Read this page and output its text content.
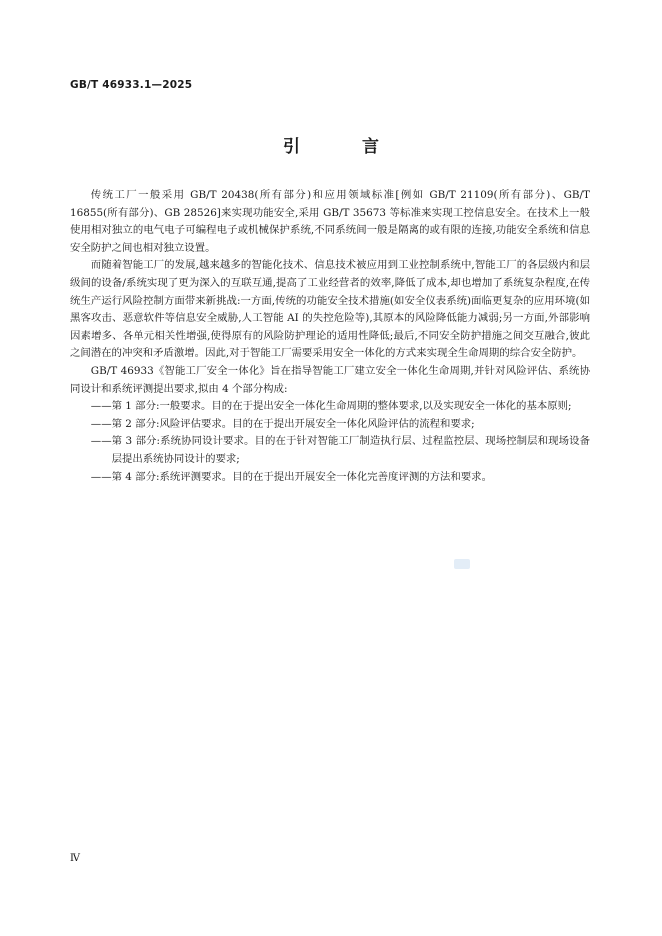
GB/T 46933.1—2025
引 言

传统工厂一般采用 GB/T 20438(所有部分)和应用领域标准[例如 GB/T 21109(所有部分)、GB/T 16855(所有部分)、GB 28526]来实现功能安全,采用 GB/T 35673 等标准来实现工控信息安全。在技术上一般使用相对独立的电气电子可编程电子或机械保护系统,不同系统间一般是隔离的或有限的连接,功能安全系统和信息安全防护之间也相对独立设置。

而随着智能工厂的发展,越来越多的智能化技术、信息技术被应用到工业控制系统中,智能工厂的各层级内和层级间的设备/系统实现了更为深入的互联互通,提高了工业经营者的效率,降低了成本,却也增加了系统复杂程度,在传统生产运行风险控制方面带来新挑战:一方面,传统的功能安全技术措施(如安全仪表系统)面临更复杂的应用环境(如黑客攻击、恶意软件等信息安全威胁,人工智能 AI 的失控危险等),其原本的风险降低能力减弱;另一方面,外部影响因素增多、各单元相关性增强,使得原有的风险防护理论的适用性降低;最后,不同安全防护措施之间交互融合,彼此之间潜在的冲突和矛盾激增。因此,对于智能工厂需要采用安全一体化的方式来实现全生命周期的综合安全防护。

GB/T 46933《智能工厂安全一体化》旨在指导智能工厂建立安全一体化生命周期,并针对风险评估、系统协同设计和系统评测提出要求,拟由 4 个部分构成:

——第 1 部分:一般要求。目的在于提出安全一体化生命周期的整体要求,以及实现安全一体化的基本原则;

——第 2 部分:风险评估要求。目的在于提出开展安全一体化风险评估的流程和要求;

——第 3 部分:系统协同设计要求。目的在于针对智能工厂制造执行层、过程监控层、现场控制层和现场设备层提出系统协同设计的要求;

——第 4 部分:系统评测要求。目的在于提出开展安全一体化完善度评测的方法和要求。

Ⅳ
